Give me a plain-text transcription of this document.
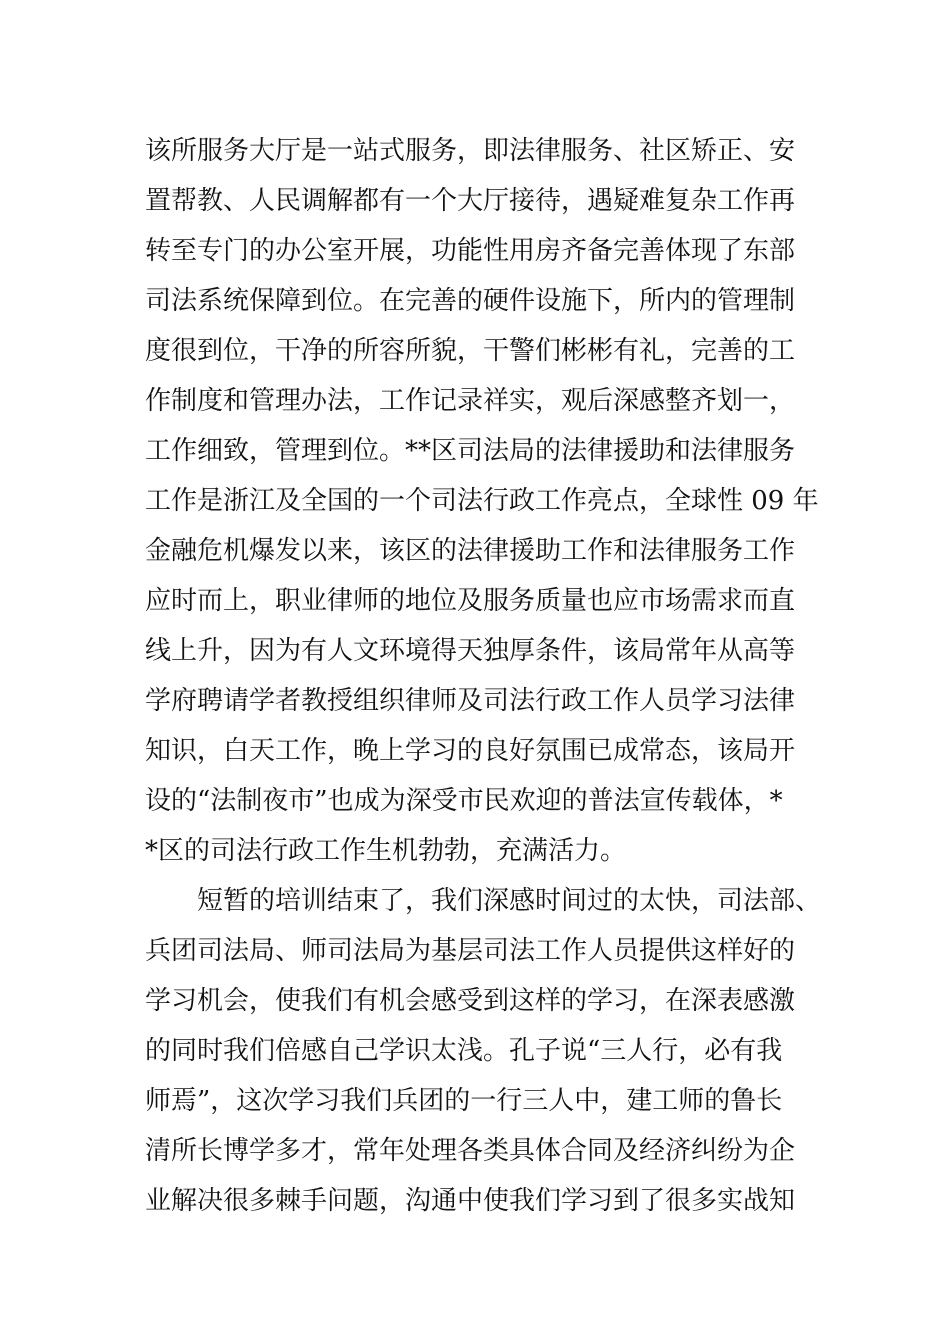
该所服务大厅是一站式服务，即法律服务、社区矫正、安
置帮教、人民调解都有一个大厅接待，遇疑难复杂工作再
转至专门的办公室开展，功能性用房齐备完善体现了东部
司法系统保障到位。在完善的硬件设施下，所内的管理制
度很到位，干净的所容所貌，干警们彬彬有礼，完善的工
作制度和管理办法，工作记录祥实，观后深感整齐划一，
工作细致，管理到位。**区司法局的法律援助和法律服务
工作是浙江及全国的一个司法行政工作亮点，全球性 09 年
金融危机爆发以来，该区的法律援助工作和法律服务工作
应时而上，职业律师的地位及服务质量也应市场需求而直
线上升，因为有人文环境得天独厚条件，该局常年从高等
学府聘请学者教授组织律师及司法行政工作人员学习法律
知识，白天工作，晚上学习的良好氛围已成常态，该局开
设的“法制夜市”也成为深受市民欢迎的普法宣传载体，*
*区的司法行政工作生机勃勃，充满活力。
短暂的培训结束了，我们深感时间过的太快，司法部、
兵团司法局、师司法局为基层司法工作人员提供这样好的
学习机会，使我们有机会感受到这样的学习，在深表感激
的同时我们倍感自己学识太浅。孔子说“三人行，必有我
师焉”，这次学习我们兵团的一行三人中，建工师的鲁长
清所长博学多才，常年处理各类具体合同及经济纠纷为企
业解决很多棘手问题，沟通中使我们学习到了很多实战知
